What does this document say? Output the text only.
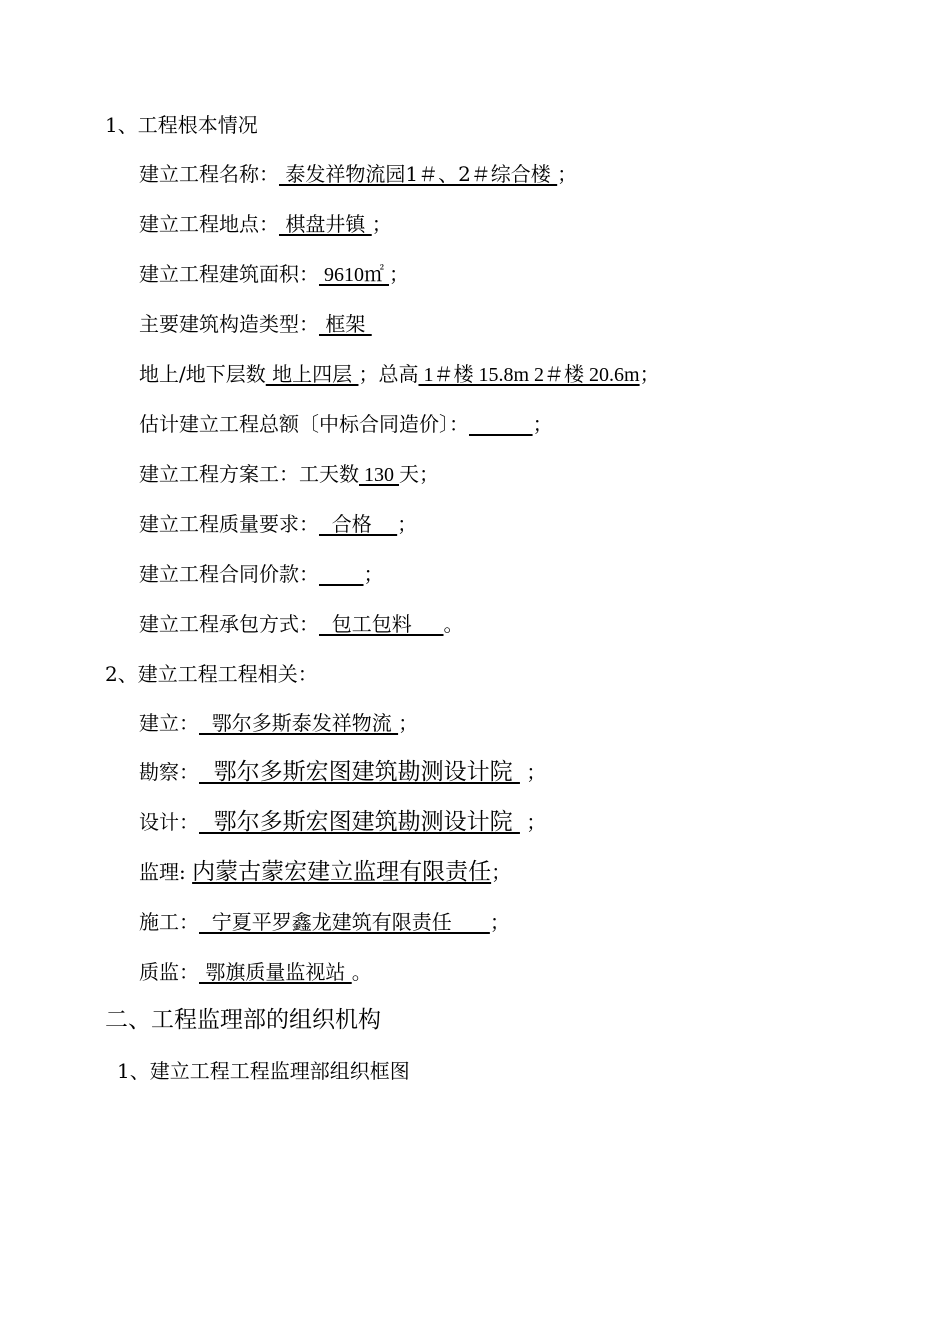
1、工程根本情况
建立工程名称： 泰发祥物流园1＃、2＃综合楼 ；
建立工程地点： 棋盘井镇 ；
建立工程建筑面积： 9610㎡ ；
主要建筑构造类型： 框架
地上/地下层数 地上四层 ；总高 1＃楼 15.8m 2＃楼 20.6m；
估计建立工程总额〔中标合同造价〕：	；
建立工程方案工：工天数 130 天；
建立工程质量要求：  合格    ；
建立工程合同价款： ；
建立工程承包方式：  包工包料     。
2、建立工程工程相关：
建立：  鄂尔多斯泰发祥物流 ；
勘察：  鄂尔多斯宏图建筑勘测设计院  ；
设计：  鄂尔多斯宏图建筑勘测设计院  ；
监理: 内蒙古蒙宏建立监理有限责任；
施工：  宁夏平罗鑫龙建筑有限责任      ；
质监： 鄂旗质量监视站 。
二、工程监理部的组织机构
1、建立工程工程监理部组织框图
